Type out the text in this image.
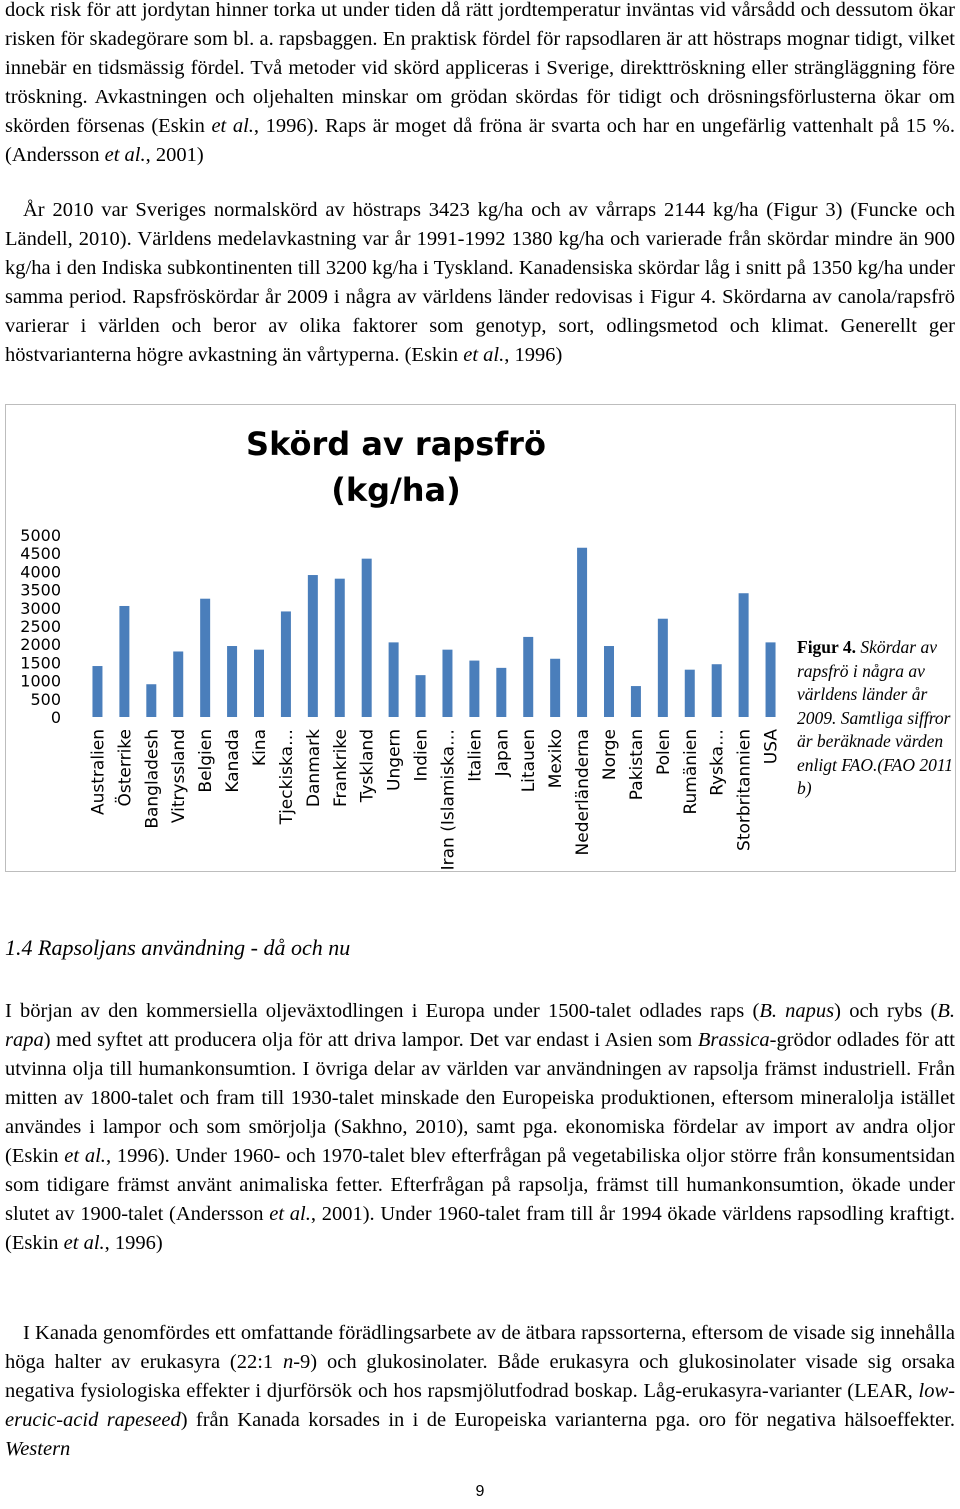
dock risk för att jordytan hinner torka ut under tiden då rätt jordtemperatur inväntas vid vårsådd och dessutom ökar risken för skadegörare som bl. a. rapsbaggen. En praktisk fördel för rapsodlaren är att höstraps mognar tidigt, vilket innebär en tidsmässig fördel. Två metoder vid skörd appliceras i Sverige, direkttröskning eller strängläggning före tröskning. Avkastningen och oljehalten minskar om grödan skördas för tidigt och drösningsförlusterna ökar om skörden försenas (Eskin et al., 1996). Raps är moget då fröna är svarta och har en ungefärlig vattenhalt på 15 %. (Andersson et al., 2001)

År 2010 var Sveriges normalskörd av höstraps 3423 kg/ha och av vårraps 2144 kg/ha (Figur 3) (Funcke och Ländell, 2010). Världens medelavkastning var år 1991-1992 1380 kg/ha och varierade från skördar mindre än 900 kg/ha i den Indiska subkontinenten till 3200 kg/ha i Tyskland. Kanadensiska skördar låg i snitt på 1350 kg/ha under samma period. Rapsfröskördar år 2009 i några av världens länder redovisas i Figur 4. Skördarna av canola/rapsfrö varierar i världen och beror av olika faktorer som genotyp, sort, odlingsmetod och klimat. Generellt ger höstvarianterna högre avkastning än vårtyperna. (Eskin et al., 1996)

Skörd av rapsfrö
(kg/ha)
0
500
1000
1500
2000
2500
3000
3500
4000
4500
5000
Australien Österrike Bangladesh Vitryssland Belgien Kanada Kina Tjeckiska… Danmark Frankrike Tyskland Ungern Indien Iran (Islamiska… Italien Japan Litauen Mexiko Nederländerna Norge Pakistan Polen Rumänien Ryska… Storbritannien USA
Figur 4. Skördar av rapsfrö i några av världens länder år 2009. Samtliga siffror är beräknade värden enligt FAO.(FAO 2011 b)
1.4 Rapsoljans användning - då och nu

I början av den kommersiella oljeväxtodlingen i Europa under 1500-talet odlades raps (B. napus) och rybs (B. rapa) med syftet att producera olja för att driva lampor. Det var endast i Asien som Brassica-grödor odlades för att utvinna olja till humankonsumtion. I övriga delar av världen var användningen av rapsolja främst industriell. Från mitten av 1800-talet och fram till 1930-talet minskade den Europeiska produktionen, eftersom mineralolja istället användes i lampor och som smörjolja (Sakhno, 2010), samt pga. ekonomiska fördelar av import av andra oljor (Eskin et al., 1996). Under 1960- och 1970-talet blev efterfrågan på vegetabiliska oljor större från konsumentsidan som tidigare främst använt animaliska fetter. Efterfrågan på rapsolja, främst till humankonsumtion, ökade under slutet av 1900-talet (Andersson et al., 2001). Under 1960-talet fram till år 1994 ökade världens rapsodling kraftigt. (Eskin et al., 1996)

I Kanada genomfördes ett omfattande förädlingsarbete av de ätbara rapssorterna, eftersom de visade sig innehålla höga halter av erukasyra (22:1 n-9) och glukosinolater. Både erukasyra och glukosinolater visade sig orsaka negativa fysiologiska effekter i djurförsök och hos rapsmjölutfodrad boskap. Låg-erukasyra-varianter (LEAR, low-erucic-acid rapeseed) från Kanada korsades in i de Europeiska varianterna pga. oro för negativa hälsoeffekter. Western

9
